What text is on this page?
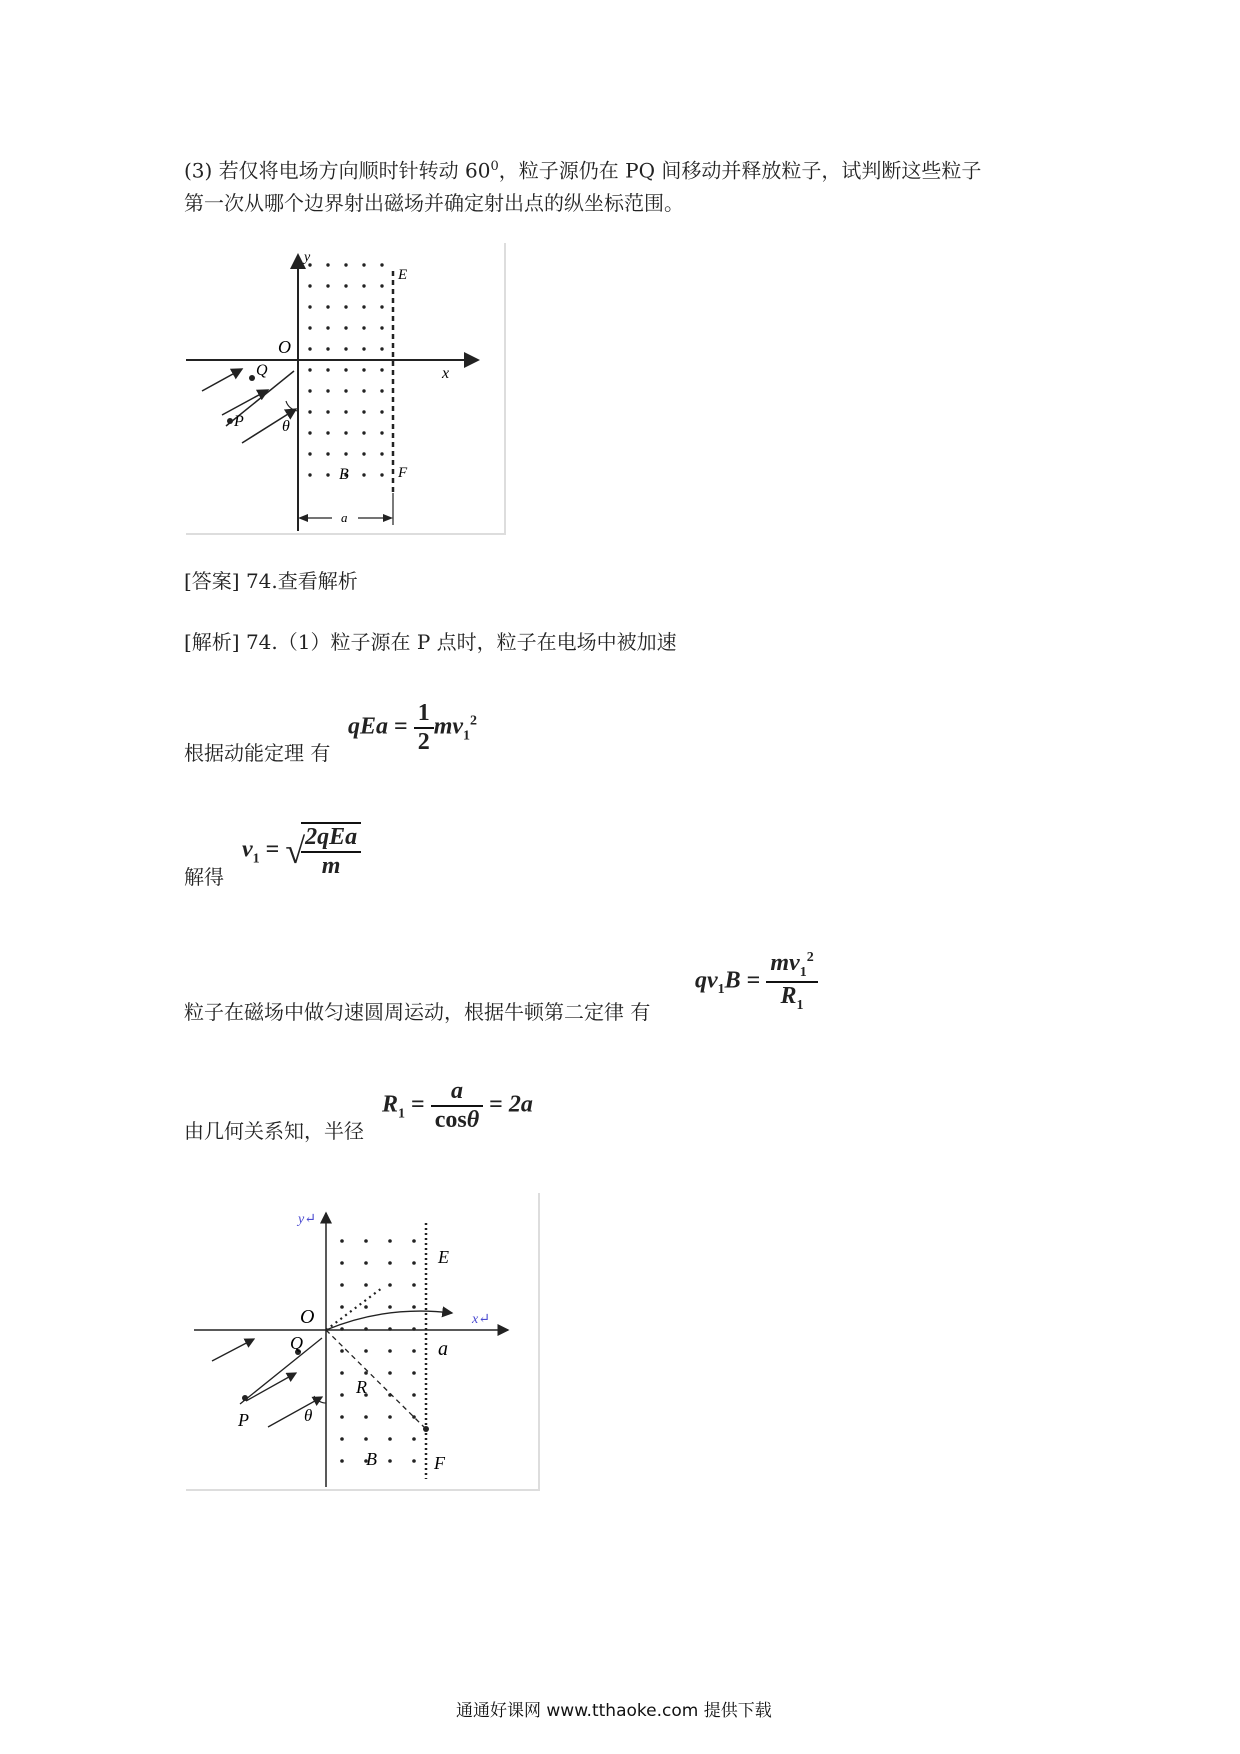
(3) 若仅将电场方向顺时针转动 $60^0$，粒子源仍在 PQ 间移动并释放粒子，试判断这些粒子
第一次从哪个边界射出磁场并确定射出点的纵坐标范围。
y
x
O
E
F
Q
P θ
B
a
[答案] 74.查看解析
[解析] 74.（1）粒子源在 P 点时，粒子在电场中被加速
根据动能定理 有
qEa = $\frac{1}{2} mv_1^2$
解得
$v_1$ = √
$\frac{\text{2qEa}}{m}$
粒子在磁场中做匀速圆周运动，根据牛顿第二定律 有
$qv_1B = \frac{mv_1^2}{R_1}$
由几何关系知，半径
$R_1 = \frac{a}{\cos\theta} = 2a$
y↵
x↵
O
E
F
a
Q
P	θ
R
B
通通好课网 www.tthaoke.com 提供下载
